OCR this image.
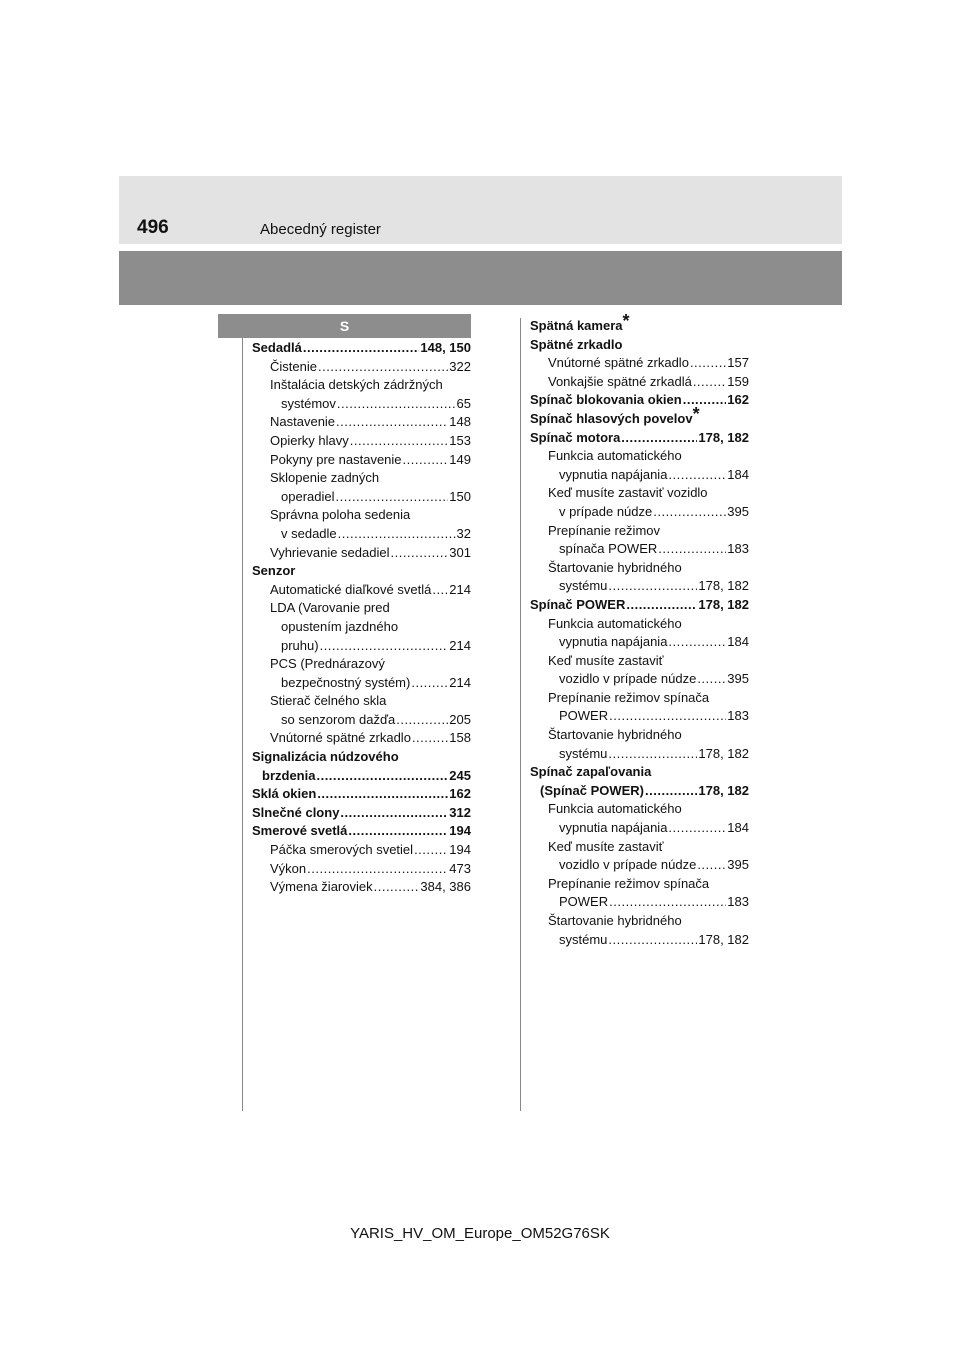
496	Abecedný register
S
Sedadlá .....	148, 150
Čistenie .....	322
Inštalácia detských zádržných
systémov .....	65
Nastavenie .....	148
Opierky hlavy .....	153
Pokyny pre nastavenie .....	149
Sklopenie zadných
operadiel .....	150
Správna poloha sedenia
v sedadle .....	32
Vyhrievanie sedadiel .....	301
Senzor
Automatické diaľkové svetlá ..... 214
LDA (Varovanie pred
opustením jazdného
pruhu) .....	214
PCS (Prednárazový
bezpečnostný systém) .....	214
Stierač čelného skla
so senzorom dažďa .....	205
Vnútorné spätné zrkadlo .....	158
Signalizácia núdzového
brzdenia .....	245
Sklá okien .....	162
Slnečné clony .....	312
Smerové svetlá .....	194
Páčka smerových svetiel .....	194
Výkon .....	473
Výmena žiaroviek .....	384, 386
Spätná kamera*
Spätné zrkadlo
Vnútorné spätné zrkadlo .....	157
Vonkajšie spätné zrkadlá .....	159
Spínač blokovania okien .....	162
Spínač hlasových povelov*
Spínač motora .....	178, 182
Funkcia automatického
vypnutia napájania .....	184
Keď musíte zastaviť vozidlo
v prípade núdze .....	395
Prepínanie režimov
spínača POWER .....	183
Štartovanie hybridného
systému .....	178, 182
Spínač POWER .....	178, 182
Funkcia automatického
vypnutia napájania .....	184
Keď musíte zastaviť
vozidlo v prípade núdze ..... 395
Prepínanie režimov spínača
POWER .....	183
Štartovanie hybridného
systému .....	178, 182
Spínač zapaľovania
(Spínač POWER) .....	178, 182
Funkcia automatického
vypnutia napájania .....	184
Keď musíte zastaviť
vozidlo v prípade núdze ..... 395
Prepínanie režimov spínača
POWER .....	183
Štartovanie hybridného
systému .....	178, 182
YARIS_HV_OM_Europe_OM52G76SK
